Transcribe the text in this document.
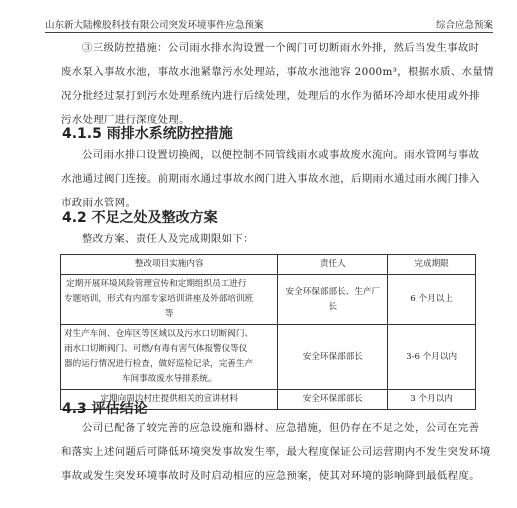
山东新大陆橡胶科技有限公司突发环境事件应急预案	综合应急预案
③三级防控措施：公司雨水排水沟设置一个阀门可切断雨水外排，然后当发生事故时
废水泵入事故水池，事故水池紧靠污水处理站，事故水池池容 2000m³，根据水质、水量情
况分批经过泵打到污水处理系统内进行后续处理，处理后的水作为循环冷却水使用或外排
污水处理厂进行深度处理。
4.1.5 雨排水系统防控措施
公司雨水排口设置切换阀，以便控制不同管线雨水或事故废水流向。雨水管网与事故
水池通过阀门连接。前期雨水通过事故水阀门进入事故水池，后期雨水通过雨水阀门排入
市政雨水管网。
4.2 不足之处及整改方案
整改方案、责任人及完成期限如下：
整改项目实施内容	责任人	完成期限

定期开展环境风险管理宣传和定期组织员工进行
专题培训，形式有内部专家培训讲座及外部培训班
等	安全环保部部长、生产厂长	6 个月以上

对生产车间、仓库区等区域以及污水口切断阀门、
雨水口切断阀门、可燃/有毒有害气体报警仪等仪
器的运行情况进行检查，做好巡检记录，完善生产
车间事故废水导排系统。	安全环保部部长	3-6 个月以内

定期向周边村庄提供相关的宣讲材料	安全环保部部长	3 个月以内
4.3 评估结论
公司已配备了较完善的应急设施和器材、应急措施，但仍存在不足之处，公司在完善
和落实上述问题后可降低环境突发事故发生率，最大程度保证公司运营期内不发生突发环境
事故或发生突发环境事故时及时启动相应的应急预案，使其对环境的影响降到最低程度。
